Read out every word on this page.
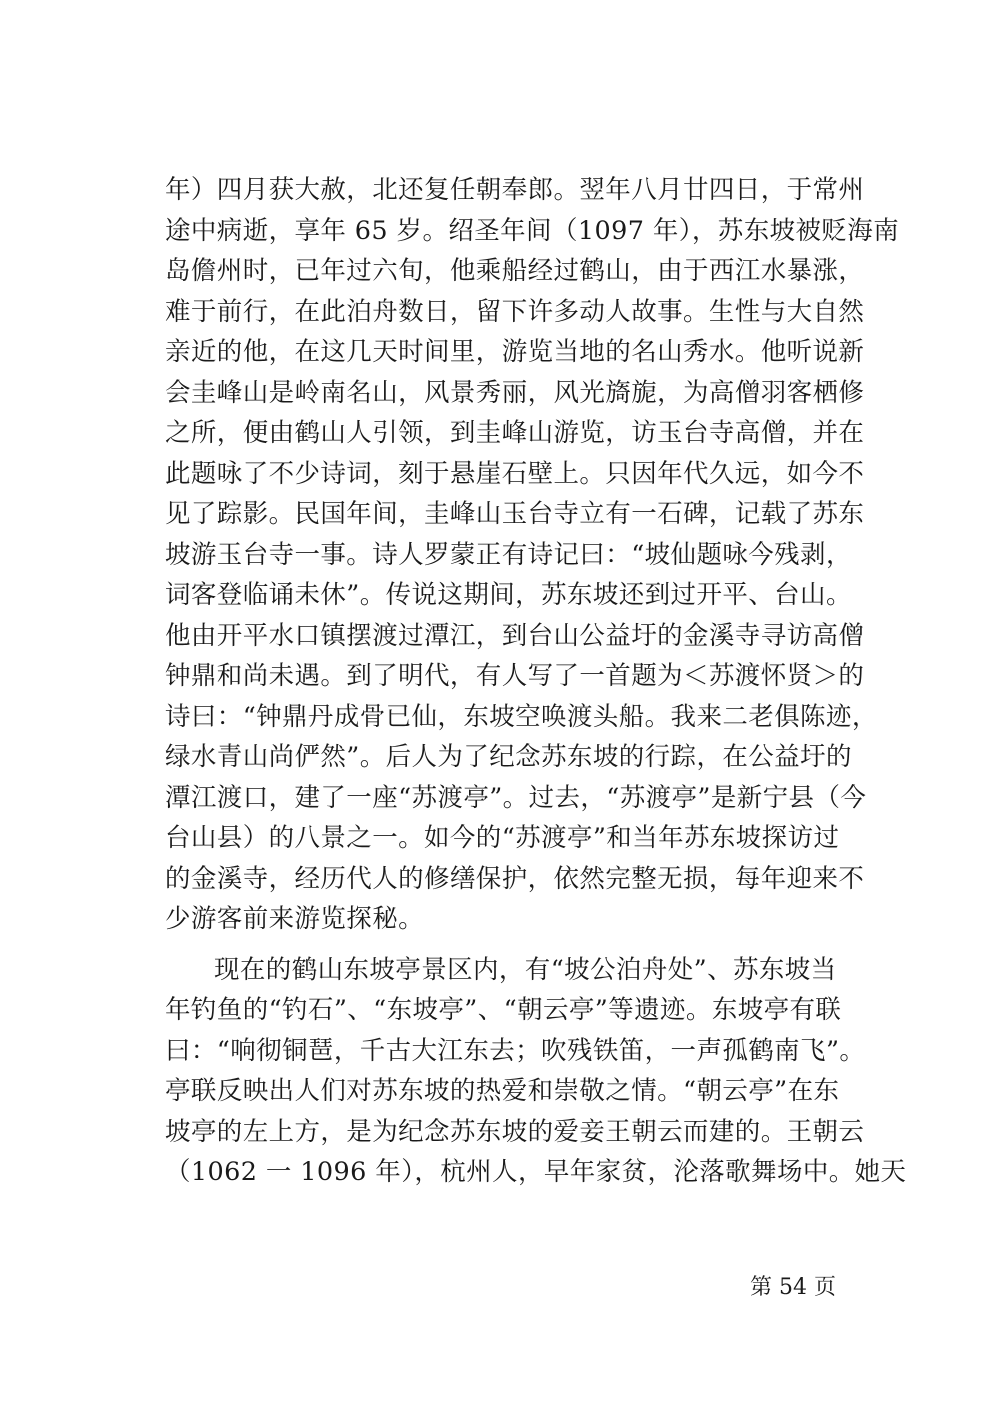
年）四月获大赦，北还复任朝奉郎。翌年八月廿四日，于常州
途中病逝，享年 65 岁。绍圣年间（1097 年），苏东坡被贬海南
岛儋州时，已年过六旬，他乘船经过鹤山，由于西江水暴涨，
难于前行，在此泊舟数日，留下许多动人故事。生性与大自然
亲近的他，在这几天时间里，游览当地的名山秀水。他听说新
会圭峰山是岭南名山，风景秀丽，风光旖旎，为高僧羽客栖修
之所，便由鹤山人引领，到圭峰山游览，访玉台寺高僧，并在
此题咏了不少诗词，刻于悬崖石壁上。只因年代久远，如今不
见了踪影。民国年间，圭峰山玉台寺立有一石碑，记载了苏东
坡游玉台寺一事。诗人罗蒙正有诗记曰：“坡仙题咏今残剥，
词客登临诵未休”。传说这期间，苏东坡还到过开平、台山。
他由开平水口镇摆渡过潭江，到台山公益圩的金溪寺寻访高僧
钟鼎和尚未遇。到了明代，有人写了一首题为＜苏渡怀贤＞的
诗曰：“钟鼎丹成骨已仙，东坡空唤渡头船。我来二老俱陈迹，
绿水青山尚俨然”。后人为了纪念苏东坡的行踪，在公益圩的
潭江渡口，建了一座“苏渡亭”。过去，“苏渡亭”是新宁县（今
台山县）的八景之一。如今的“苏渡亭”和当年苏东坡探访过
的金溪寺，经历代人的修缮保护，依然完整无损，每年迎来不
少游客前来游览探秘。
现在的鹤山东坡亭景区内，有“坡公泊舟处”、苏东坡当
年钓鱼的“钓石”、“东坡亭”、“朝云亭”等遗迹。东坡亭有联
曰：“响彻铜琶，千古大江东去；吹残铁笛，一声孤鹤南飞”。
亭联反映出人们对苏东坡的热爱和崇敬之情。“朝云亭”在东
坡亭的左上方，是为纪念苏东坡的爱妾王朝云而建的。王朝云
（1062 一 1096 年），杭州人，早年家贫，沦落歌舞场中。她天
第 54 页
